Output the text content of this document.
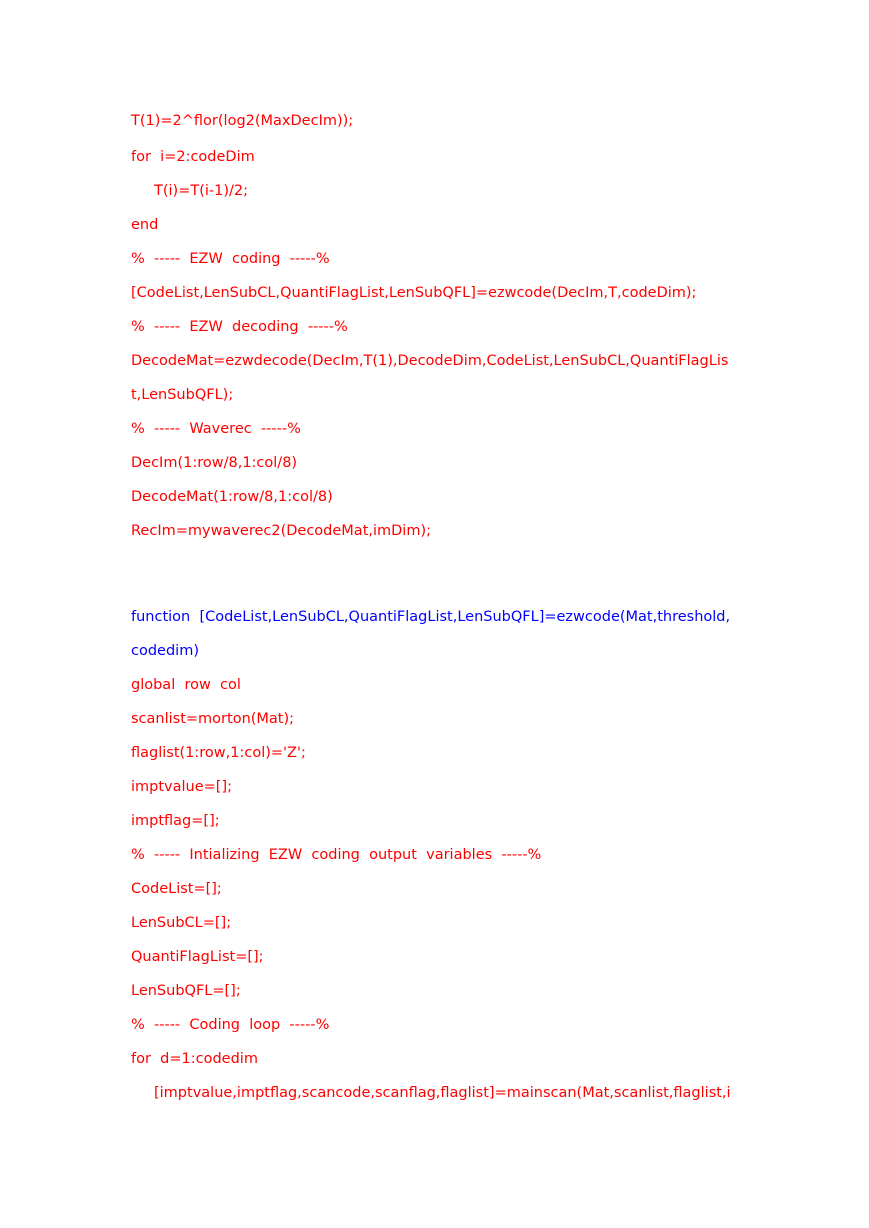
T(1)=2^flor(log2(MaxDecIm));
for  i=2:codeDim
T(i)=T(i-1)/2;
end
%  -----  EZW  coding  -----%
[CodeList,LenSubCL,QuantiFlagList,LenSubQFL]=ezwcode(DecIm,T,codeDim);
%  -----  EZW  decoding  -----%
DecodeMat=ezwdecode(DecIm,T(1),DecodeDim,CodeList,LenSubCL,QuantiFlagLis
t,LenSubQFL);
%  -----  Waverec  -----%
DecIm(1:row/8,1:col/8)
DecodeMat(1:row/8,1:col/8)
RecIm=mywaverec2(DecodeMat,imDim);
function  [CodeList,LenSubCL,QuantiFlagList,LenSubQFL]=ezwcode(Mat,threshold,
codedim)
global  row  col
scanlist=morton(Mat);
flaglist(1:row,1:col)='Z';
imptvalue=[];
imptflag=[];
%  -----  Intializing  EZW  coding  output  variables  -----%
CodeList=[];
LenSubCL=[];
QuantiFlagList=[];
LenSubQFL=[];
%  -----  Coding  loop  -----%
for  d=1:codedim
[imptvalue,imptflag,scancode,scanflag,flaglist]=mainscan(Mat,scanlist,flaglist,i
